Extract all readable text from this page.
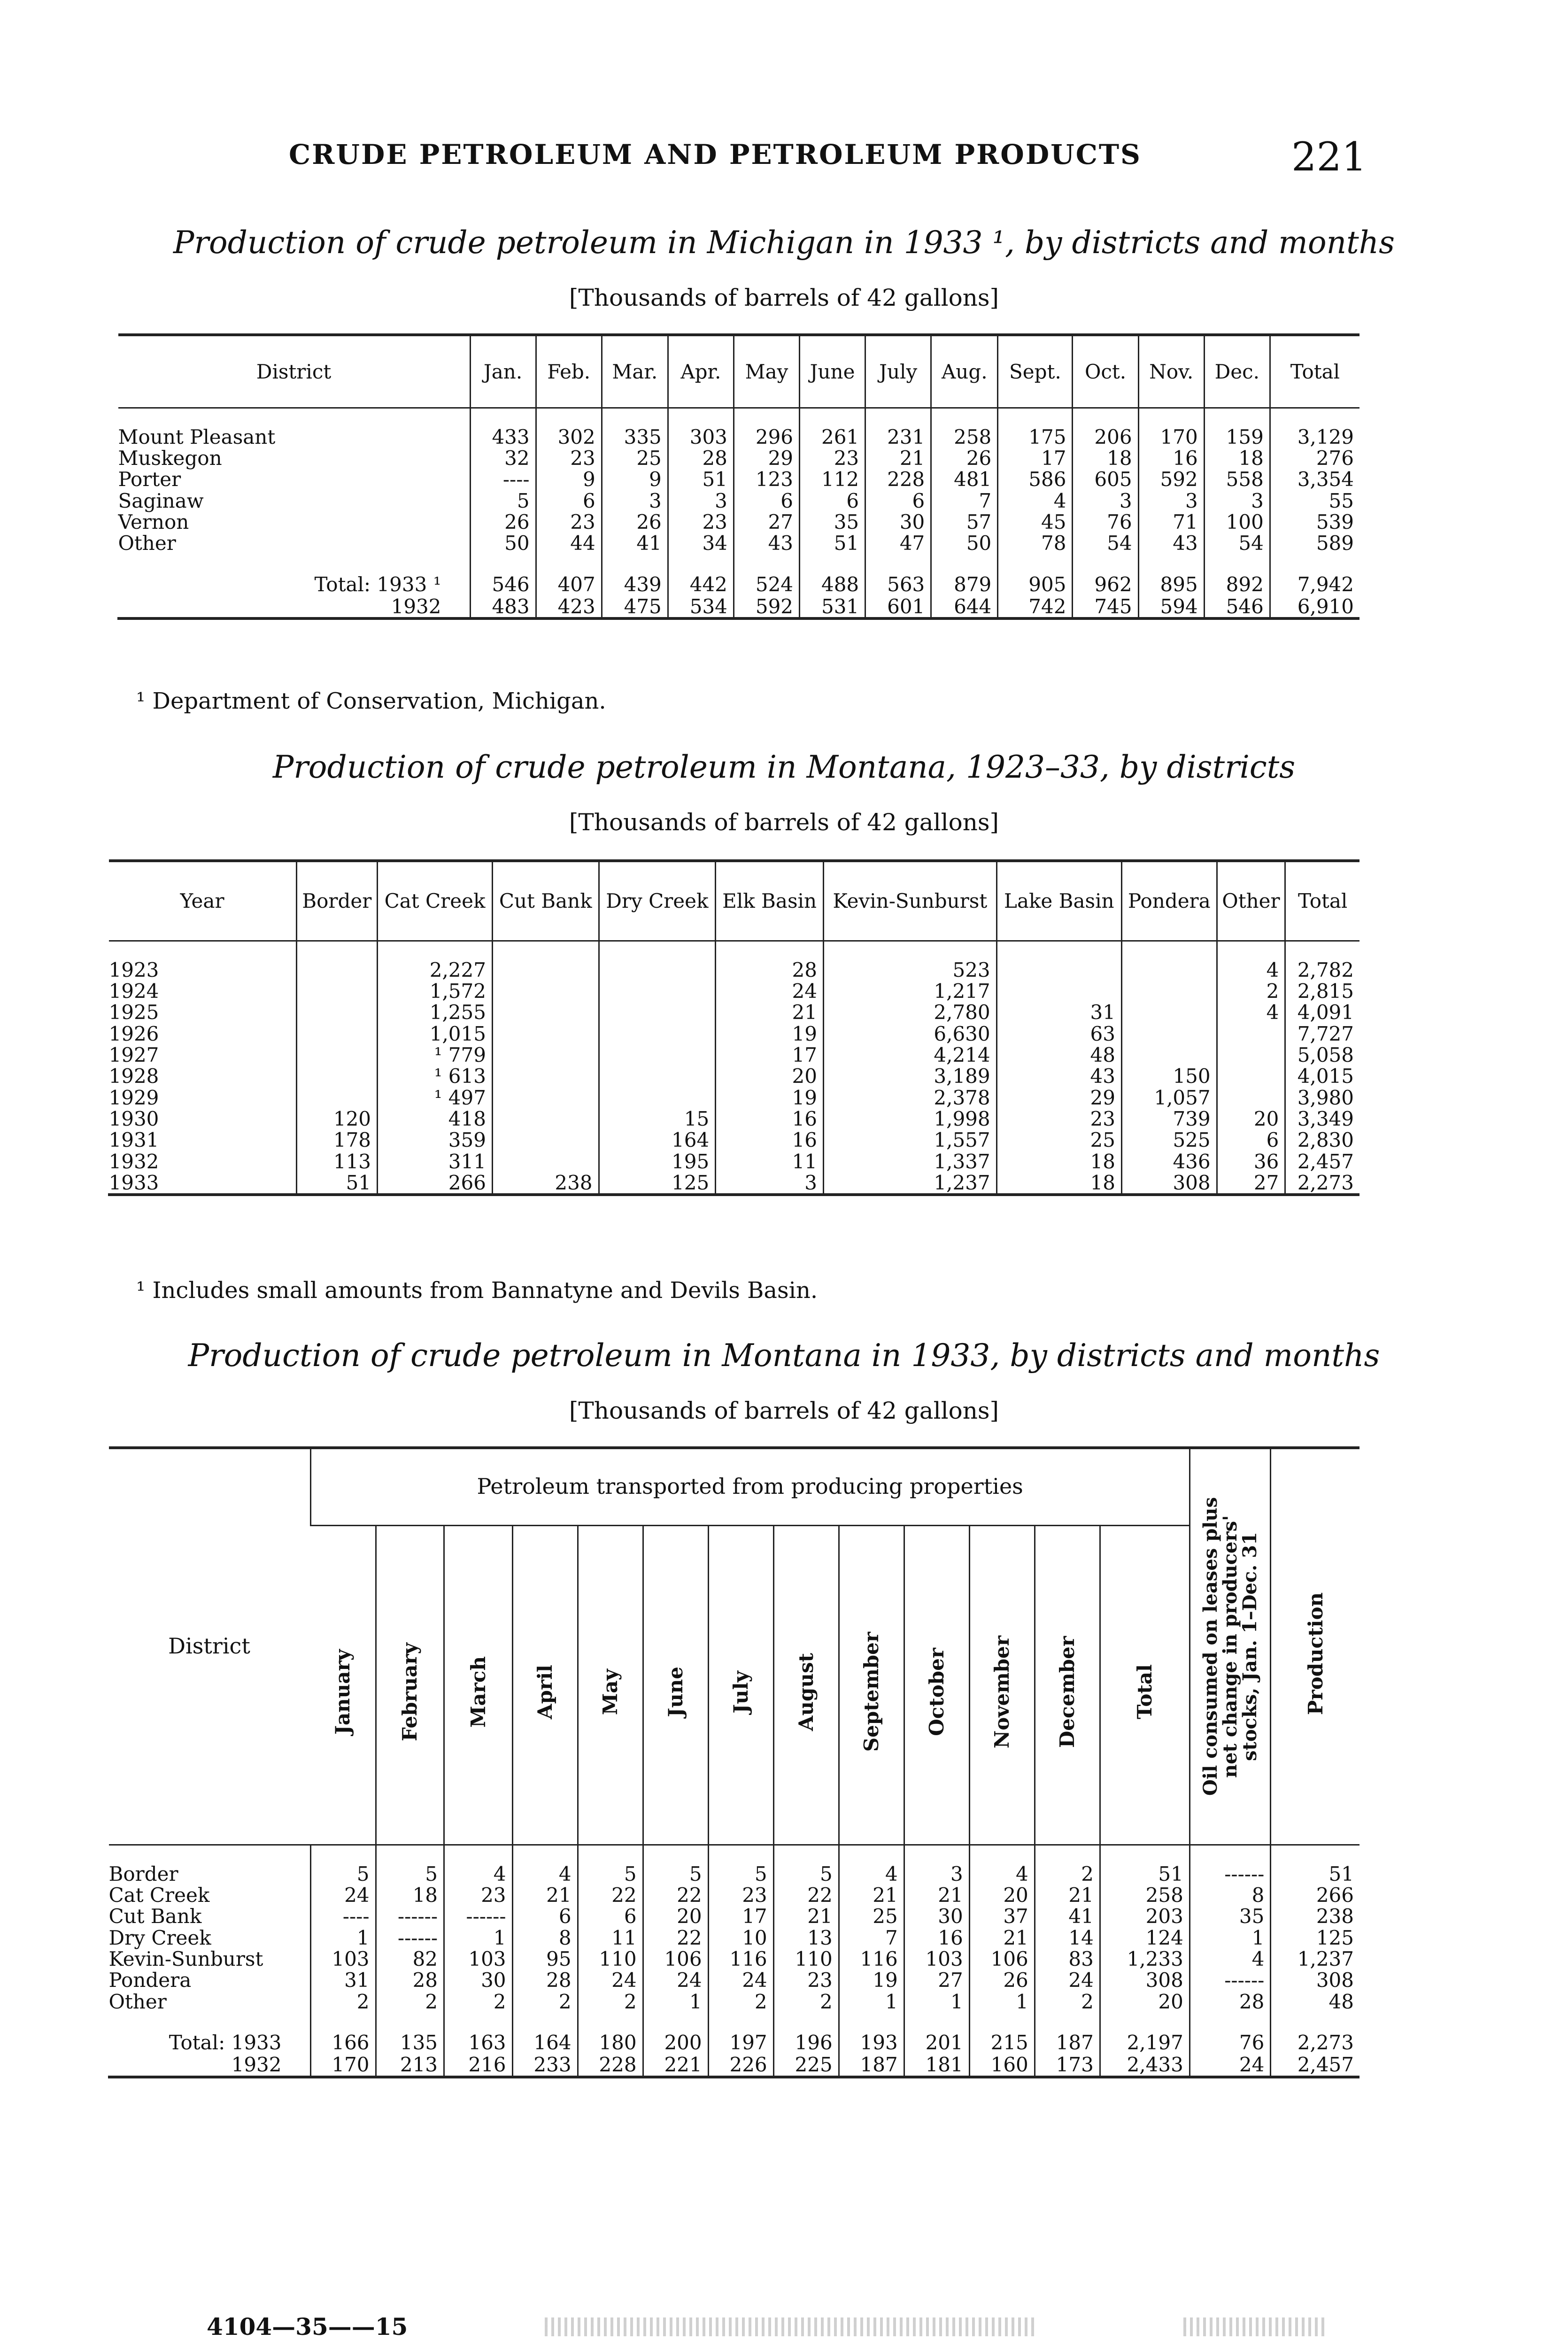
CRUDE PETROLEUM AND PETROLEUM PRODUCTS	221
Production of crude petroleum in Michigan in 1933 ¹, by districts and months
[Thousands of barrels of 42 gallons]
District	Jan.	Feb.	Mar.	Apr.	May	June	July	Aug.	Sept.	Oct.	Nov.	Dec.	Total

Mount Pleasant	433	302	335	303	296	261	231	258	175	206	170	159	3,129
Muskegon	32	23	25	28	29	23	21	26	17	18	16	18	276
Porter	----	9	9	51	123	112	228	481	586	605	592	558	3,354
Saginaw	5	6	3	3	6	6	6	7	4	3	3	3	55
Vernon	26	23	26	23	27	35	30	57	45	76	71	100	539
Other	50	44	41	34	43	51	47	50	78	54	43	54	589

Total: 1933 ¹	546	407	439	442	524	488	563	879	905	962	895	892	7,942
1932	483	423	475	534	592	531	601	644	742	745	594	546	6,910

¹ Department of Conservation, Michigan.
Production of crude petroleum in Montana, 1923–33, by districts
[Thousands of barrels of 42 gallons]
Year	Border	Cat Creek	Cut Bank	Dry Creek	Elk Basin	Kevin-Sunburst	Lake Basin	Pondera	Other	Total

1923		2,227			28	523			4	2,782
1924		1,572			24	1,217			2	2,815
1925		1,255			21	2,780	31		4	4,091
1926		1,015			19	6,630	63			7,727
1927		¹ 779			17	4,214	48			5,058
1928		¹ 613			20	3,189	43	150		4,015
1929		¹ 497			19	2,378	29	1,057		3,980
1930	120	418		15	16	1,998	23	739	20	3,349
1931	178	359		164	16	1,557	25	525	6	2,830
1932	113	311		195	11	1,337	18	436	36	2,457
1933	51	266	238	125	3	1,237	18	308	27	2,273

¹ Includes small amounts from Bannatyne and Devils Basin.
Production of crude petroleum in Montana in 1933, by districts and months
[Thousands of barrels of 42 gallons]
District	Petroleum transported from producing properties													Oil consumed on leases plus net change in producers' stocks, Jan. 1–Dec. 31	Production

	January	February	March	April	May	June	July	August	September	October	November	December	Total		

Border	5	5	4	4	5	5	5	5	4	3	4	2	51	------	51
Cat Creek	24	18	23	21	22	22	23	22	21	21	20	21	258	8	266
Cut Bank	----	------	------	6	6	20	17	21	25	30	37	41	203	35	238
Dry Creek	1	------	1	8	11	22	10	13	7	16	21	14	124	1	125
Kevin-Sunburst	103	82	103	95	110	106	116	110	116	103	106	83	1,233	4	1,237
Pondera	31	28	30	28	24	24	24	23	19	27	26	24	308	------	308
Other	2	2	2	2	2	1	2	2	1	1	1	2	20	28	48

Total: 1933	166	135	163	164	180	200	197	196	193	201	215	187	2,197	76	2,273
1932	170	213	216	233	228	221	226	225	187	181	160	173	2,433	24	2,457

4104—35——15
